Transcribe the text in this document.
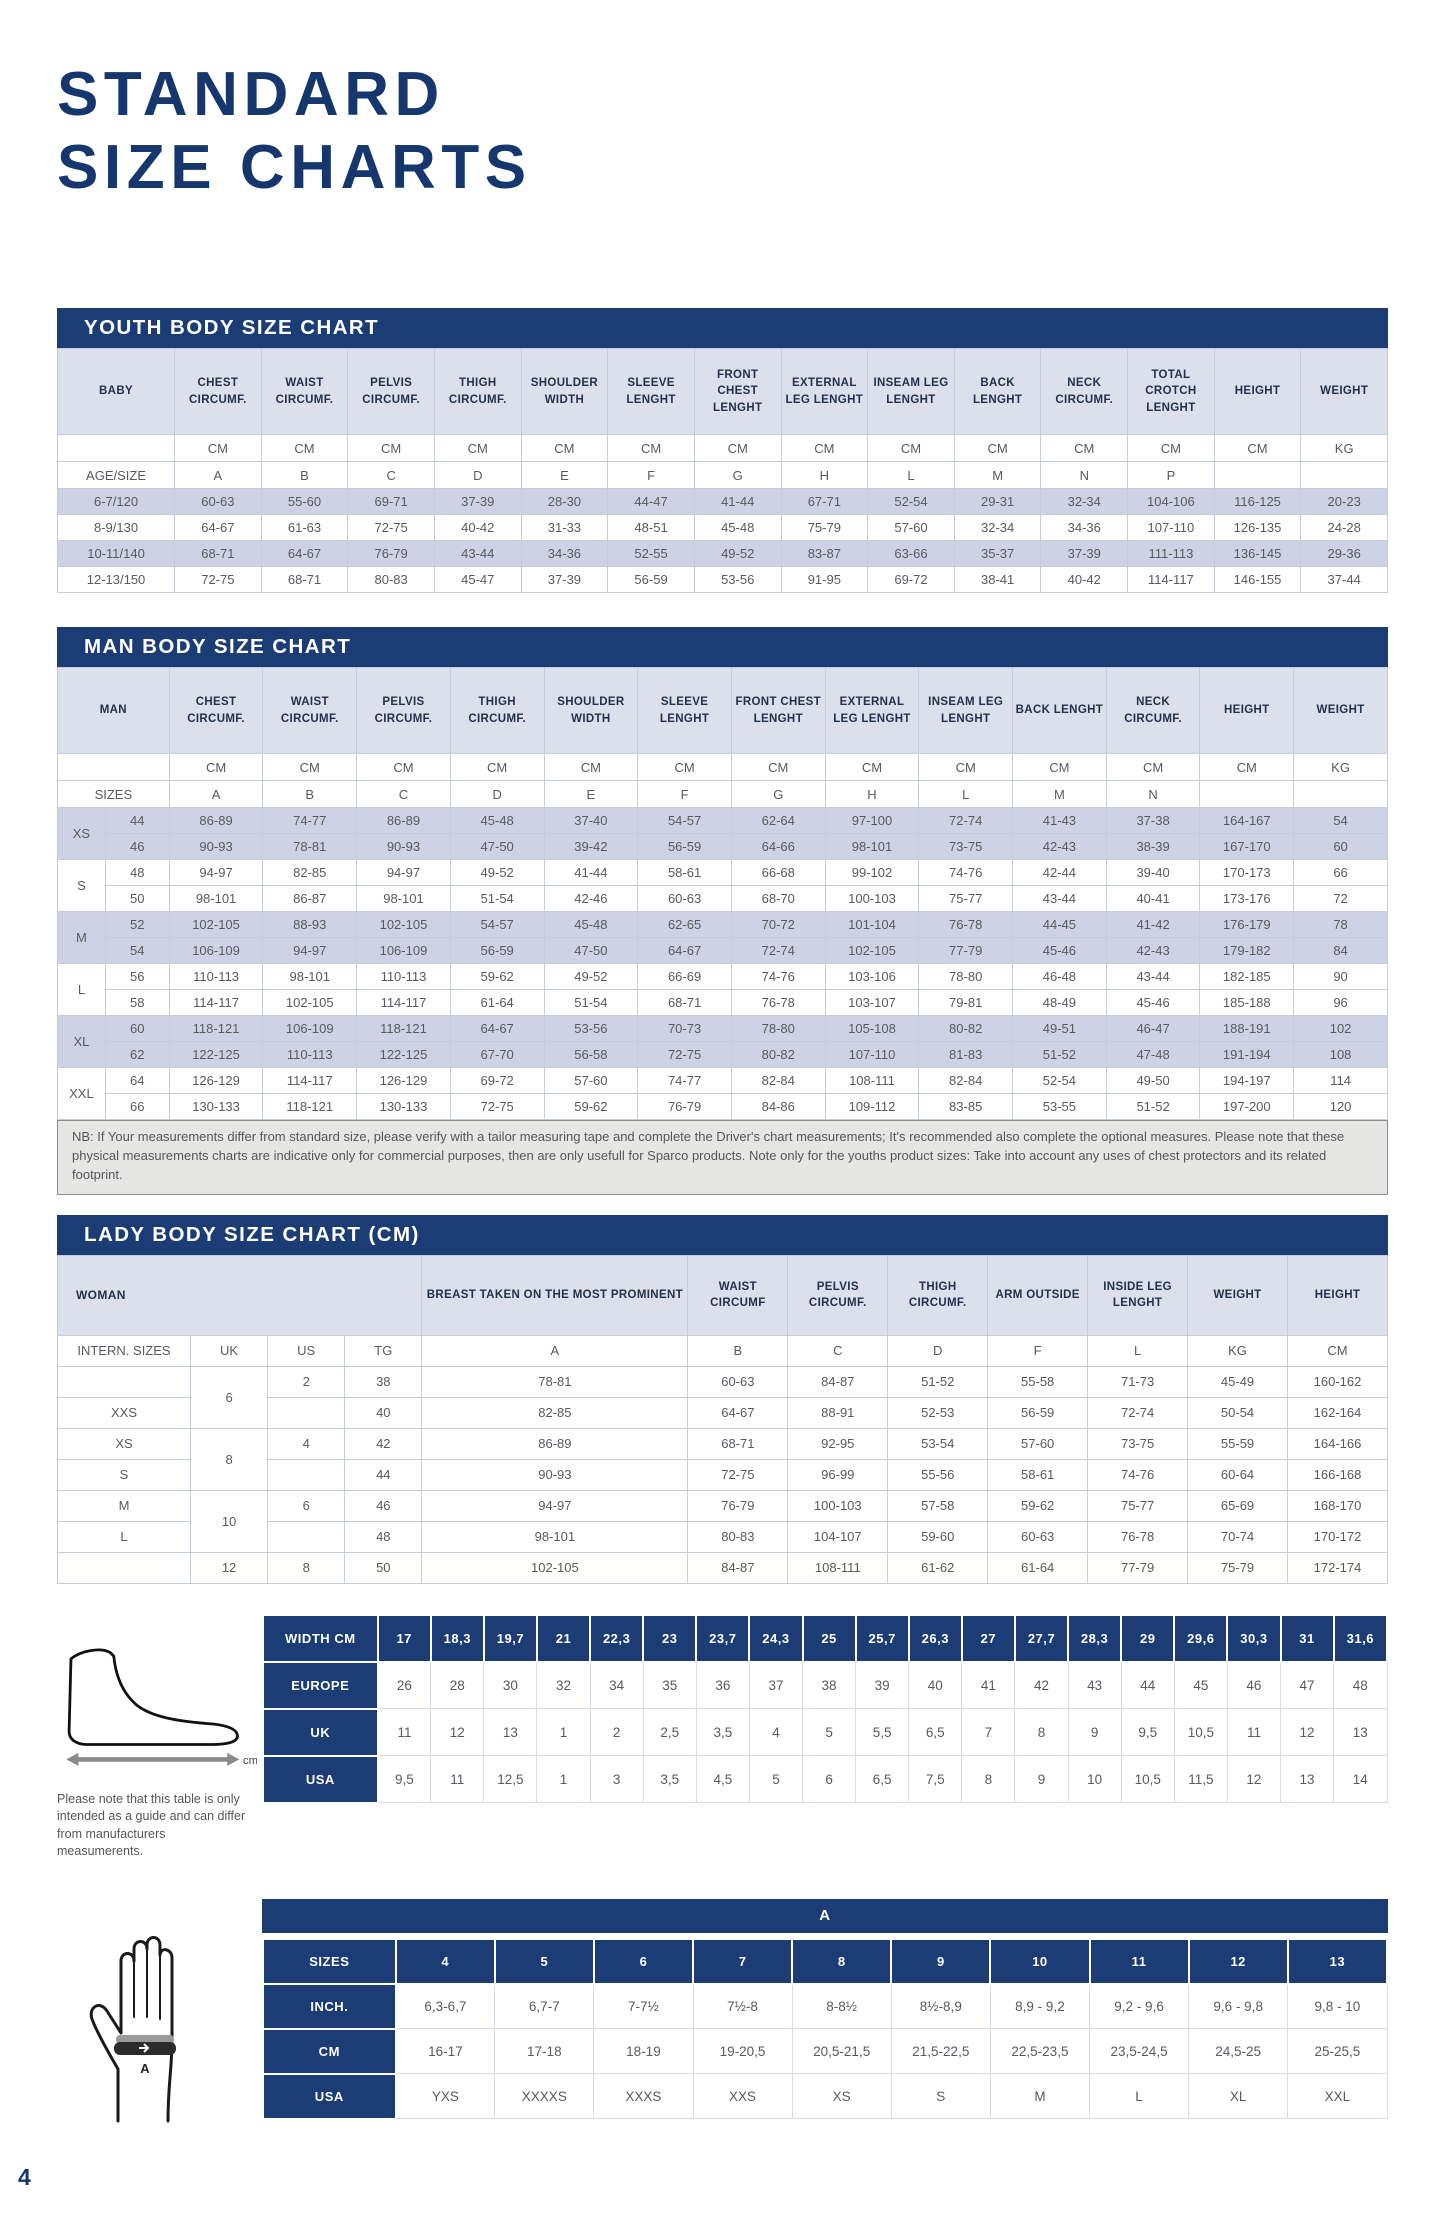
STANDARD
SIZE CHARTS
YOUTH BODY SIZE CHART
BABY	CHEST CIRCUMF.	WAIST CIRCUMF.	PELVIS CIRCUMF.	THIGH CIRCUMF.	SHOULDER WIDTH	SLEEVE LENGHT	FRONT CHEST LENGHT	EXTERNAL LEG LENGHT	INSEAM LEG LENGHT	BACK LENGHT	NECK CIRCUMF.	TOTAL CROTCH LENGHT	HEIGHT	WEIGHT
	CM	CM	CM	CM	CM	CM	CM	CM	CM	CM	CM	CM	CM	KG
AGE/SIZE	A	B	C	D	E	F	G	H	L	M	N	P		
6-7/120	60-63	55-60	69-71	37-39	28-30	44-47	41-44	67-71	52-54	29-31	32-34	104-106	116-125	20-23
8-9/130	64-67	61-63	72-75	40-42	31-33	48-51	45-48	75-79	57-60	32-34	34-36	107-110	126-135	24-28
10-11/140	68-71	64-67	76-79	43-44	34-36	52-55	49-52	83-87	63-66	35-37	37-39	111-113	136-145	29-36
12-13/150	72-75	68-71	80-83	45-47	37-39	56-59	53-56	91-95	69-72	38-41	40-42	114-117	146-155	37-44
MAN BODY SIZE CHART
MAN		CHEST CIRCUMF.	WAIST CIRCUMF.	PELVIS CIRCUMF.	THIGH CIRCUMF.	SHOULDER WIDTH	SLEEVE LENGHT	FRONT CHEST LENGHT	EXTERNAL LEG LENGHT	INSEAM LEG LENGHT	BACK LENGHT	NECK CIRCUMF.	HEIGHT	WEIGHT
		CM	CM	CM	CM	CM	CM	CM	CM	CM	CM	CM	CM	KG
SIZES		A	B	C	D	E	F	G	H	L	M	N		
XS	44	86-89	74-77	86-89	45-48	37-40	54-57	62-64	97-100	72-74	41-43	37-38	164-167	54
	46	90-93	78-81	90-93	47-50	39-42	56-59	64-66	98-101	73-75	42-43	38-39	167-170	60
S	48	94-97	82-85	94-97	49-52	41-44	58-61	66-68	99-102	74-76	42-44	39-40	170-173	66
	50	98-101	86-87	98-101	51-54	42-46	60-63	68-70	100-103	75-77	43-44	40-41	173-176	72
M	52	102-105	88-93	102-105	54-57	45-48	62-65	70-72	101-104	76-78	44-45	41-42	176-179	78
	54	106-109	94-97	106-109	56-59	47-50	64-67	72-74	102-105	77-79	45-46	42-43	179-182	84
L	56	110-113	98-101	110-113	59-62	49-52	66-69	74-76	103-106	78-80	46-48	43-44	182-185	90
	58	114-117	102-105	114-117	61-64	51-54	68-71	76-78	103-107	79-81	48-49	45-46	185-188	96
XL	60	118-121	106-109	118-121	64-67	53-56	70-73	78-80	105-108	80-82	49-51	46-47	188-191	102
	62	122-125	110-113	122-125	67-70	56-58	72-75	80-82	107-110	81-83	51-52	47-48	191-194	108
XXL	64	126-129	114-117	126-129	69-72	57-60	74-77	82-84	108-111	82-84	52-54	49-50	194-197	114
	66	130-133	118-121	130-133	72-75	59-62	76-79	84-86	109-112	83-85	53-55	51-52	197-200	120
NB: If Your measurements differ from standard size, please verify with a tailor measuring tape and complete the Driver's chart measurements; It's recommended also complete the optional measures. Please note that these physical measurements charts are indicative only for commercial purposes, then are only usefull for Sparco products. Note only for the youths product sizes: Take into account any uses of chest protectors and its related footprint.
LADY BODY SIZE CHART (CM)
WOMAN				BREAST TAKEN ON THE MOST PROMINENT	WAIST CIRCUMF	PELVIS CIRCUMF.	THIGH CIRCUMF.	ARM OUTSIDE	INSIDE LEG LENGHT	WEIGHT	HEIGHT
INTERN. SIZES	UK	US	TG	A	B	C	D	F	L	KG	CM
	6	2	38	78-81	60-63	84-87	51-52	55-58	71-73	45-49	160-162
XXS			40	82-85	64-67	88-91	52-53	56-59	72-74	50-54	162-164
XS	8	4	42	86-89	68-71	92-95	53-54	57-60	73-75	55-59	164-166
S			44	90-93	72-75	96-99	55-56	58-61	74-76	60-64	166-168
M	10	6	46	94-97	76-79	100-103	57-58	59-62	75-77	65-69	168-170
L			48	98-101	80-83	104-107	59-60	60-63	76-78	70-74	170-172
	12	8	50	102-105	84-87	108-111	61-62	61-64	77-79	75-79	172-174
cm
Please note that this table is only intended as a guide and can differ from manufacturers measumerents.
WIDTH CM	17	18,3	19,7	21	22,3	23	23,7	24,3	25	25,7	26,3	27	27,7	28,3	29	29,6	30,3	31	31,6
EUROPE	26	28	30	32	34	35	36	37	38	39	40	41	42	43	44	45	46	47	48
UK	11	12	13	1	2	2,5	3,5	4	5	5,5	6,5	7	8	9	9,5	10,5	11	12	13
USA	9,5	11	12,5	1	3	3,5	4,5	5	6	6,5	7,5	8	9	10	10,5	11,5	12	13	14
A
A
SIZES	4	5	6	7	8	9	10	11	12	13
INCH.	6,3-6,7	6,7-7	7-7½	7½-8	8-8½	8½-8,9	8,9 - 9,2	9,2 - 9,6	9,6 - 9,8	9,8 - 10
CM	16-17	17-18	18-19	19-20,5	20,5-21,5	21,5-22,5	22,5-23,5	23,5-24,5	24,5-25	25-25,5
USA	YXS	XXXXS	XXXS	XXS	XS	S	M	L	XL	XXL
4
